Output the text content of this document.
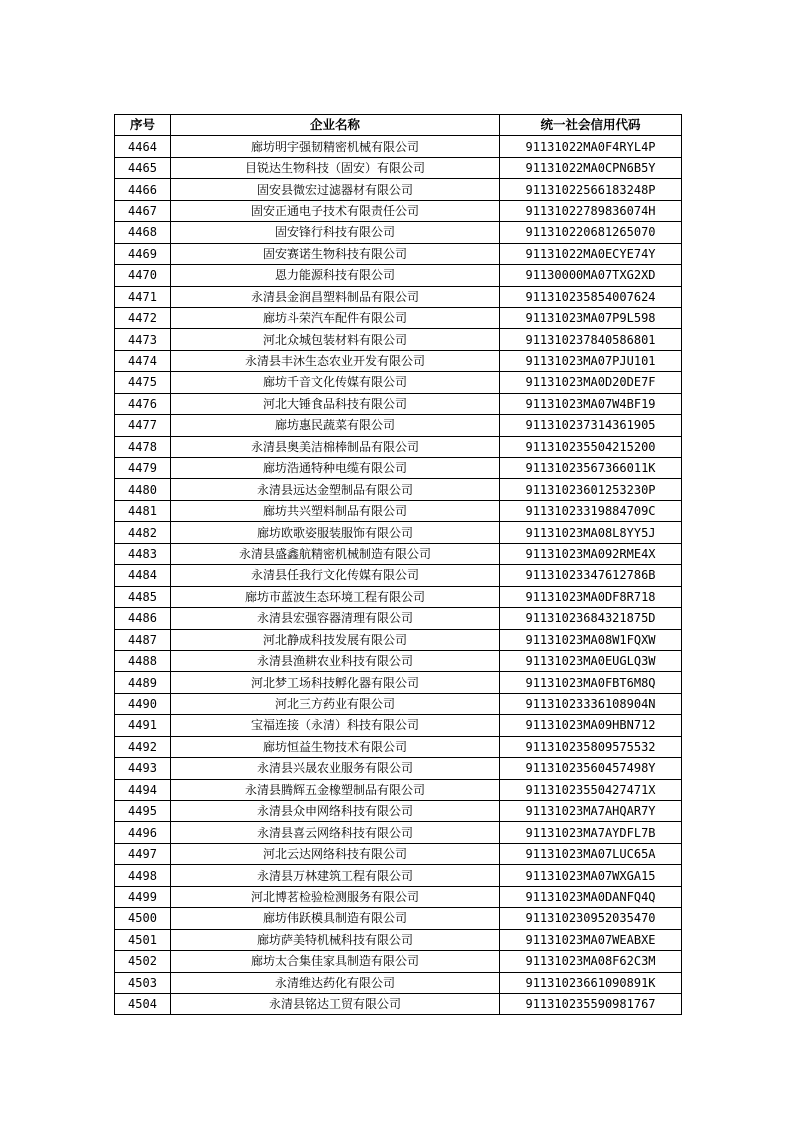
序号	企业名称	统一社会信用代码
4464	廊坊明宇强韧精密机械有限公司	91131022MA0F4RYL4P
4465	目锐达生物科技（固安）有限公司	91131022MA0CPN6B5Y
4466	固安县微宏过滤器材有限公司	91131022566183248P
4467	固安正通电子技术有限责任公司	91131022789836074H
4468	固安锋行科技有限公司	911310220681265070
4469	固安赛诺生物科技有限公司	91131022MA0ECYE74Y
4470	恩力能源科技有限公司	91130000MA07TXG2XD
4471	永清县金润昌塑料制品有限公司	911310235854007624
4472	廊坊斗荣汽车配件有限公司	91131023MA07P9L598
4473	河北众城包装材料有限公司	911310237840586801
4474	永清县丰沐生态农业开发有限公司	91131023MA07PJU101
4475	廊坊千音文化传媒有限公司	91131023MA0D20DE7F
4476	河北大锤食品科技有限公司	91131023MA07W4BF19
4477	廊坊惠民蔬菜有限公司	911310237314361905
4478	永清县奥美洁棉棒制品有限公司	911310235504215200
4479	廊坊浩通特种电缆有限公司	91131023567366011K
4480	永清县远达金塑制品有限公司	91131023601253230P
4481	廊坊共兴塑料制品有限公司	91131023319884709C
4482	廊坊欧歌姿服装服饰有限公司	91131023MA08L8YY5J
4483	永清县盛鑫航精密机械制造有限公司	91131023MA092RME4X
4484	永清县任我行文化传媒有限公司	91131023347612786B
4485	廊坊市蓝波生态环境工程有限公司	91131023MA0DF8R718
4486	永清县宏强容器清理有限公司	91131023684321875D
4487	河北静成科技发展有限公司	91131023MA08W1FQXW
4488	永清县渔耕农业科技有限公司	91131023MA0EUGLQ3W
4489	河北梦工场科技孵化器有限公司	91131023MA0FBT6M8Q
4490	河北三方药业有限公司	91131023336108904N
4491	宝福连接（永清）科技有限公司	91131023MA09HBN712
4492	廊坊恒益生物技术有限公司	911310235809575532
4493	永清县兴晟农业服务有限公司	91131023560457498Y
4494	永清县腾辉五金橡塑制品有限公司	91131023550427471X
4495	永清县众申网络科技有限公司	91131023MA7AHQAR7Y
4496	永清县喜云网络科技有限公司	91131023MA7AYDFL7B
4497	河北云达网络科技有限公司	91131023MA07LUC65A
4498	永清县万林建筑工程有限公司	91131023MA07WXGA15
4499	河北博茗检验检测服务有限公司	91131023MA0DANFQ4Q
4500	廊坊伟跃模具制造有限公司	911310230952035470
4501	廊坊萨美特机械科技有限公司	91131023MA07WEABXE
4502	廊坊太合集佳家具制造有限公司	91131023MA08F62C3M
4503	永清维达药化有限公司	91131023661090891K
4504	永清县铭达工贸有限公司	911310235590981767
